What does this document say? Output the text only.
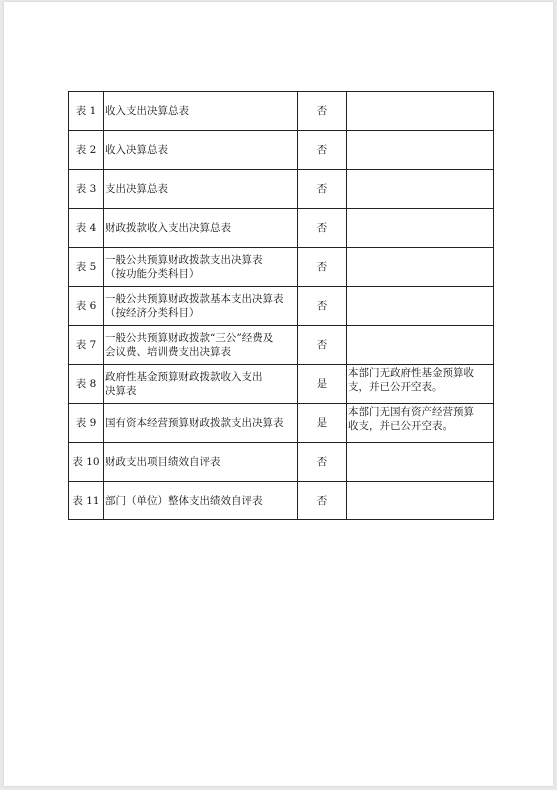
表 1	收入支出决算总表	否	

表 2	收入决算总表	否	

表 3	支出决算总表	否	

表 4	财政拨款收入支出决算总表	否	

表 5	一般公共预算财政拨款支出决算表
（按功能分类科目）	否	

表 6	一般公共预算财政拨款基本支出决算表
（按经济分类科目）	否	

表 7	一般公共预算财政拨款“三公”经费及
会议费、培训费支出决算表	否	

表 8	政府性基金预算财政拨款收入支出
决算表	是	本部门无政府性基金预算收
支，并已公开空表。

表 9	国有资本经营预算财政拨款支出决算表	是	本部门无国有资产经营预算
收支，并已公开空表。

表 10	财政支出项目绩效自评表	否	

表 11	部门（单位）整体支出绩效自评表	否	
